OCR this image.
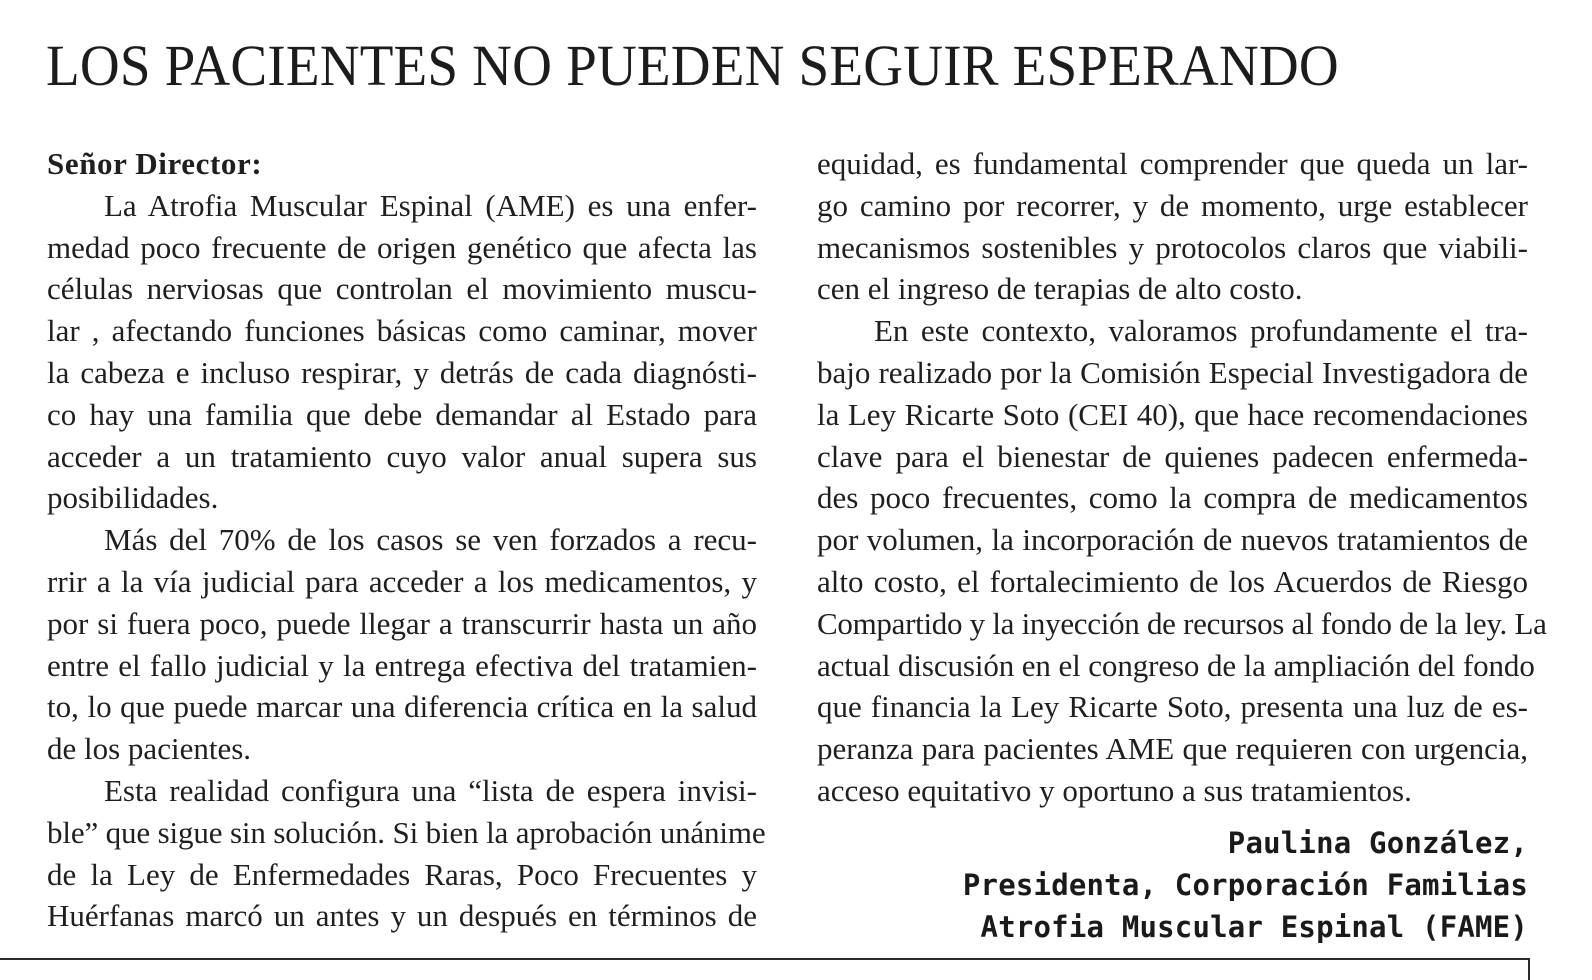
LOS PACIENTES NO PUEDEN SEGUIR ESPERANDO
Señor Director:
La Atrofia Muscular Espinal (AME) es una enfer-
medad poco frecuente de origen genético que afecta las
células nerviosas que controlan el movimiento muscu-
lar , afectando funciones básicas como caminar, mover
la cabeza e incluso respirar, y detrás de cada diagnósti-
co hay una familia que debe demandar al Estado para
acceder a un tratamiento cuyo valor anual supera sus
posibilidades.
Más del 70% de los casos se ven forzados a recu-
rrir a la vía judicial para acceder a los medicamentos, y
por si fuera poco, puede llegar a transcurrir hasta un año
entre el fallo judicial y la entrega efectiva del tratamien-
to, lo que puede marcar una diferencia crítica en la salud
de los pacientes.
Esta realidad configura una “lista de espera invisi-
ble” que sigue sin solución. Si bien la aprobación unánime
de la Ley de Enfermedades Raras, Poco Frecuentes y
Huérfanas marcó un antes y un después en términos de
equidad, es fundamental comprender que queda un lar-
go camino por recorrer, y de momento, urge establecer
mecanismos sostenibles y protocolos claros que viabili-
cen el ingreso de terapias de alto costo.
En este contexto, valoramos profundamente el tra-
bajo realizado por la Comisión Especial Investigadora de
la Ley Ricarte Soto (CEI 40), que hace recomendaciones
clave para el bienestar de quienes padecen enfermeda-
des poco frecuentes, como la compra de medicamentos
por volumen, la incorporación de nuevos tratamientos de
alto costo, el fortalecimiento de los Acuerdos de Riesgo
Compartido y la inyección de recursos al fondo de la ley. La
actual discusión en el congreso de la ampliación del fondo
que financia la Ley Ricarte Soto, presenta una luz de es-
peranza para pacientes AME que requieren con urgencia,
acceso equitativo y oportuno a sus tratamientos.
Paulina González,
Presidenta, Corporación Familias
Atrofia Muscular Espinal (FAME)
